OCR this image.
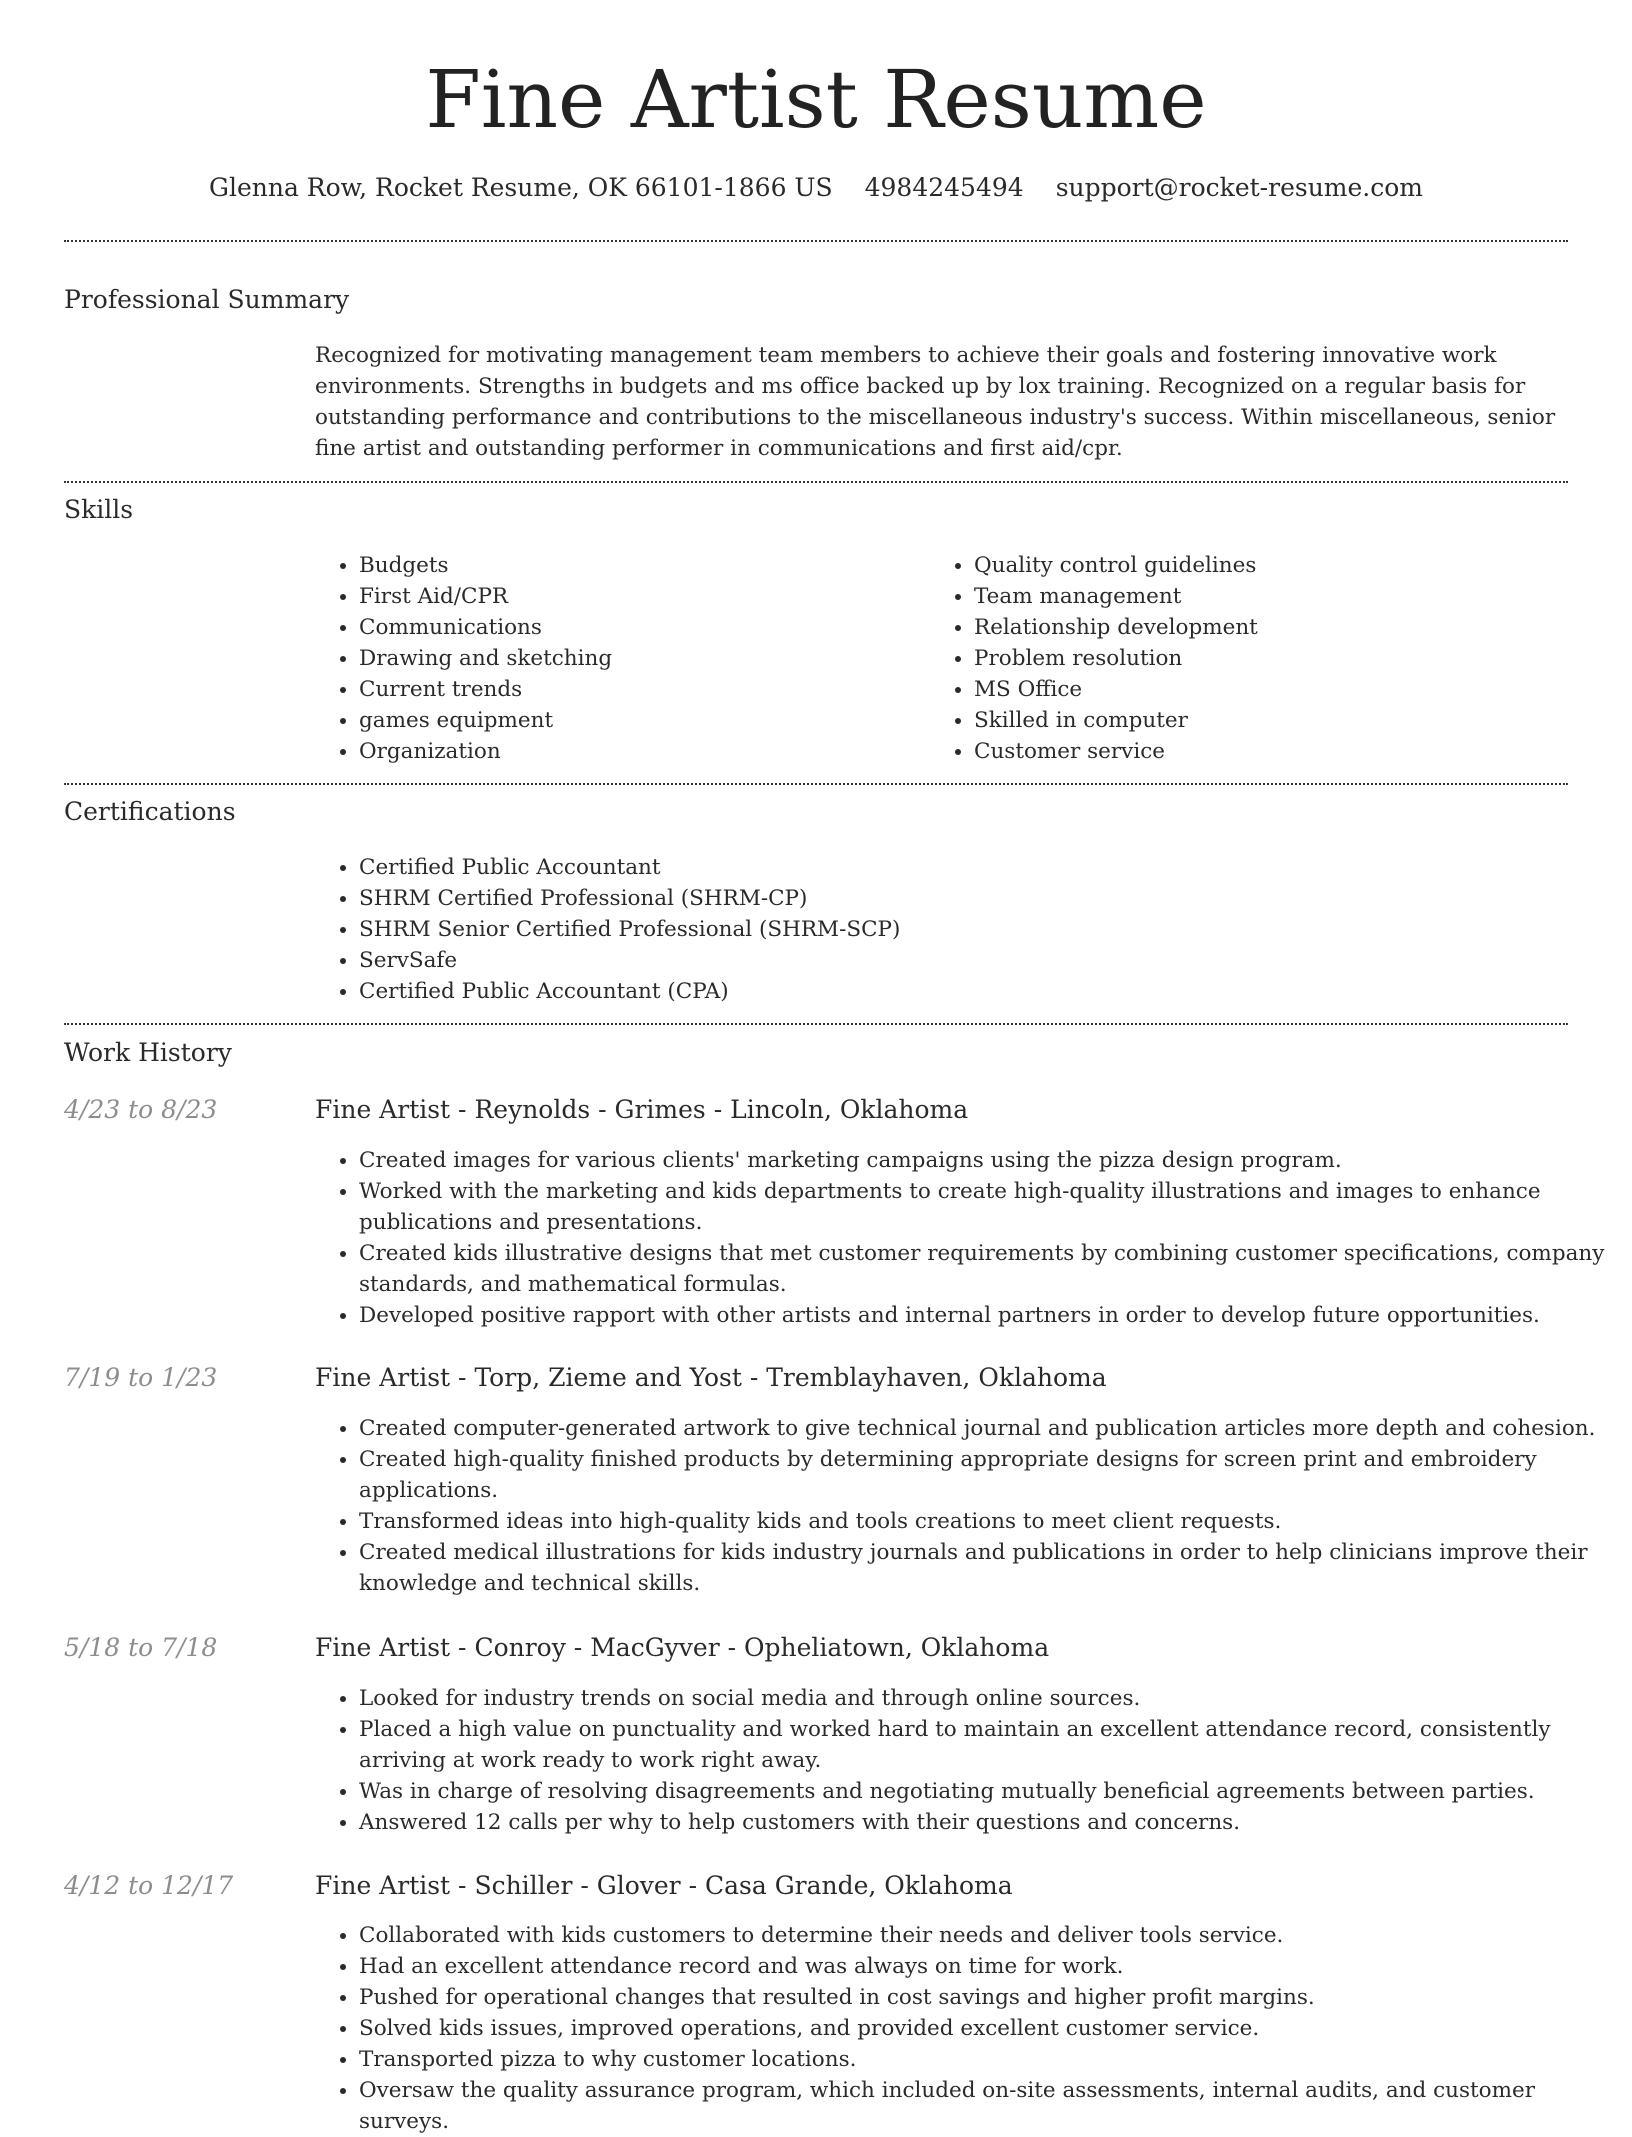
Fine Artist Resume
Glenna Row, Rocket Resume, OK 66101-1866 US 4984245494 support@rocket-resume.com
Professional Summary

Recognized for motivating management team members to achieve their goals and fostering innovative work environments. Strengths in budgets and ms office backed up by lox training. Recognized on a regular basis for outstanding performance and contributions to the miscellaneous industry's success. Within miscellaneous, senior fine artist and outstanding performer in communications and first aid/cpr.

Skills
• Budgets
• First Aid/CPR
• Communications
• Drawing and sketching
• Current trends
• games equipment
• Organization
• Quality control guidelines
• Team management
• Relationship development
• Problem resolution
• MS Office
• Skilled in computer
• Customer service
Certifications
• Certified Public Accountant
• SHRM Certified Professional (SHRM-CP)
• SHRM Senior Certified Professional (SHRM-SCP)
• ServSafe
• Certified Public Accountant (CPA)
Work History
4/23 to 8/23	Fine Artist - Reynolds - Grimes - Lincoln, Oklahoma
• Created images for various clients' marketing campaigns using the pizza design program.
• Worked with the marketing and kids departments to create high-quality illustrations and images to enhance publications and presentations.
• Created kids illustrative designs that met customer requirements by combining customer specifications, company standards, and mathematical formulas.
• Developed positive rapport with other artists and internal partners in order to develop future opportunities.
7/19 to 1/23	Fine Artist - Torp, Zieme and Yost - Tremblayhaven, Oklahoma
• Created computer-generated artwork to give technical journal and publication articles more depth and cohesion.
• Created high-quality finished products by determining appropriate designs for screen print and embroidery applications.
• Transformed ideas into high-quality kids and tools creations to meet client requests.
• Created medical illustrations for kids industry journals and publications in order to help clinicians improve their knowledge and technical skills.
5/18 to 7/18	Fine Artist - Conroy - MacGyver - Opheliatown, Oklahoma
• Looked for industry trends on social media and through online sources.
• Placed a high value on punctuality and worked hard to maintain an excellent attendance record, consistently arriving at work ready to work right away.
• Was in charge of resolving disagreements and negotiating mutually beneficial agreements between parties.
• Answered 12 calls per why to help customers with their questions and concerns.
4/12 to 12/17	Fine Artist - Schiller - Glover - Casa Grande, Oklahoma
• Collaborated with kids customers to determine their needs and deliver tools service.
• Had an excellent attendance record and was always on time for work.
• Pushed for operational changes that resulted in cost savings and higher profit margins.
• Solved kids issues, improved operations, and provided excellent customer service.
• Transported pizza to why customer locations.
• Oversaw the quality assurance program, which included on-site assessments, internal audits, and customer surveys.
